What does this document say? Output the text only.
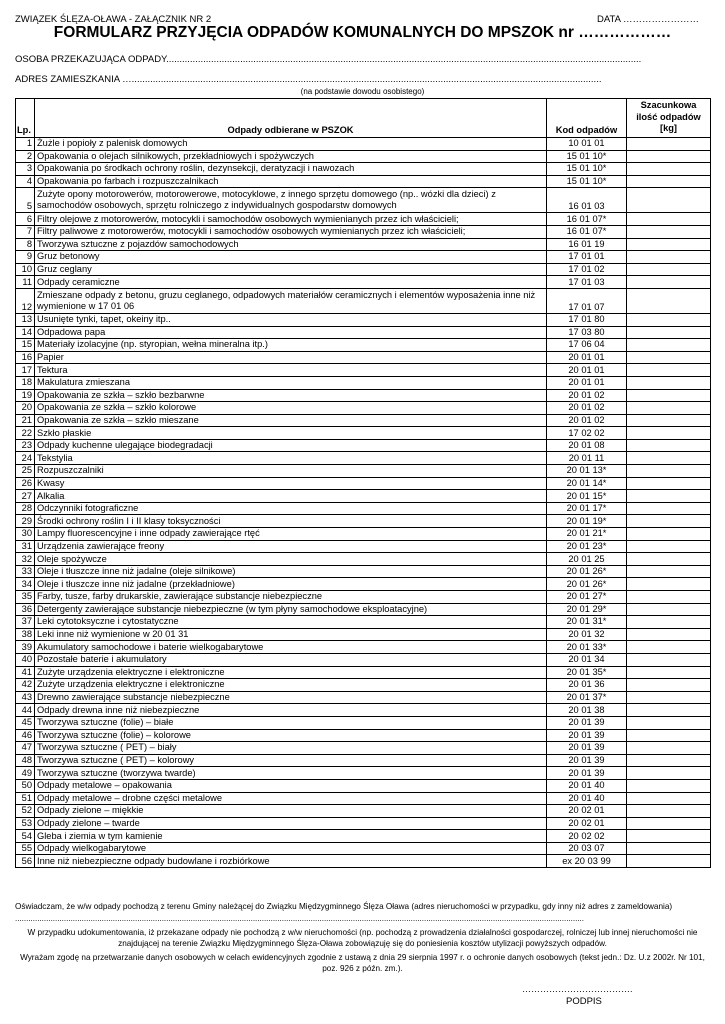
ZWIĄZEK ŚLĘZA-OŁAWA - ZAŁĄCZNIK NR 2	DATA ……………………
FORMULARZ PRZYJĘCIA ODPADÓW KOMUNALNYCH DO MPSZOK nr ………………
OSOBA PRZEKAZUJĄCA ODPADY....................................................................................................................................................................................
ADRES ZAMIESZKANIA …..................................................................................................................................................................................
(na podstawie dowodu osobistego)
Lp.	Odpady odbierane w PSZOK	Kod odpadów	Szacunkowa ilość odpadów [kg]
1	Żużle i popioły z palenisk domowych	10 01 01	
2	Opakowania o olejach silnikowych, przekładniowych i spożywczych	15 01 10*	
3	Opakowania po środkach ochrony roślin, dezynsekcji, deratyzacji i nawozach	15 01 10*	
4	Opakowania po farbach i rozpuszczalnikach	15 01 10*	
5	Zużyte opony motorowerów, motorowerowe, motocyklowe, z innego sprzętu domowego (np.. wózki dla dzieci) z samochodów osobowych, sprzętu rolniczego z indywidualnych gospodarstw domowych	16 01 03	
6	Filtry olejowe z motorowerów, motocykli i samochodów osobowych wymienianych przez ich właścicieli;	16 01 07*	
7	Filtry paliwowe z motorowerów, motocykli i samochodów osobowych wymienianych przez ich właścicieli;	16 01 07*	
8	Tworzywa sztuczne z pojazdów samochodowych	16 01 19	
9	Gruz betonowy	17 01 01	
10	Gruz ceglany	17 01 02	
11	Odpady ceramiczne	17 01 03	
12	Zmieszane odpady z betonu, gruzu ceglanego, odpadowych materiałów ceramicznych i elementów wyposażenia inne niż wymienione w 17 01 06	17 01 07	
13	Usunięte tynki, tapet, okeiny itp..	17 01 80	
14	Odpadowa papa	17 03 80	
15	Materiały izolacyjne (np. styropian, wełna mineralna itp.)	17 06 04	
16	Papier	20 01 01	
17	Tektura	20 01 01	
18	Makulatura zmieszana	20 01 01	
19	Opakowania ze szkła – szkło bezbarwne	20 01 02	
20	Opakowania ze szkła – szkło kolorowe	20 01 02	
21	Opakowania ze szkła – szkło mieszane	20 01 02	
22	Szkło płaskie	17 02 02	
23	Odpady kuchenne ulegające biodegradacji	20 01 08	
24	Tekstylia	20 01 11	
25	Rozpuszczalniki	20 01 13*	
26	Kwasy	20 01 14*	
27	Alkalia	20 01 15*	
28	Odczynniki fotograficzne	20 01 17*	
29	Środki ochrony roślin I i II klasy toksyczności	20 01 19*	
30	Lampy fluorescencyjne i inne odpady zawierające rtęć	20 01 21*	
31	Urządzenia zawierające freony	20 01 23*	
32	Oleje spożywcze	20 01 25	
33	Oleje i tłuszcze inne niż jadalne (oleje silnikowe)	20 01 26*	
34	Oleje i tłuszcze inne niż jadalne (przekładniowe)	20 01 26*	
35	Farby, tusze, farby drukarskie, zawierające substancje niebezpieczne	20 01 27*	
36	Detergenty zawierające substancje niebezpieczne (w tym płyny samochodowe eksploatacyjne)	20 01 29*	
37	Leki cytotoksyczne i cytostatyczne	20 01 31*	
38	Leki inne niż wymienione w 20 01 31	20 01 32	
39	Akumulatory samochodowe i baterie wielkogabarytowe	20 01 33*	
40	Pozostałe baterie i akumulatory	20 01 34	
41	Zużyte urządzenia elektryczne i elektroniczne	20 01 35*	
42	Zużyte urządzenia elektryczne i elektroniczne	20 01 36	
43	Drewno zawierające substancje niebezpieczne	20 01 37*	
44	Odpady drewna inne niż niebezpieczne	20 01 38	
45	Tworzywa sztuczne (folie) – białe	20 01 39	
46	Tworzywa sztuczne (folie) – kolorowe	20 01 39	
47	Tworzywa sztuczne ( PET) – biały	20 01 39	
48	Tworzywa sztuczne ( PET) – kolorowy	20 01 39	
49	Tworzywa sztuczne (tworzywa twarde)	20 01 39	
50	Odpady metalowe – opakowania	20 01 40	
51	Odpady metalowe – drobne części metalowe	20 01 40	
52	Odpady zielone – miękkie	20 02 01	
53	Odpady zielone – twarde	20 02 01	
54	Gleba i ziemia w tym kamienie	20 02 02	
55	Odpady wielkogabarytowe	20 03 07	
56	Inne niż niebezpieczne odpady budowlane i rozbiórkowe	ex 20 03 99	
Oświadczam, że w/w odpady pochodzą z terenu Gminy należącej do Związku Międzygminnego Ślęza Oława (adres nieruchomości w przypadku, gdy inny niż adres z zameldowania)
................................................................................................................................................................................................................................................................
W przypadku udokumentowania, iż przekazane odpady nie pochodzą z w/w nieruchomości (np. pochodzą z prowadzenia działalności gospodarczej, rolniczej lub innej nieruchomości nie znajdującej na terenie Związku Międzygminnego Ślęza-Oława zobowiązuję się do poniesienia kosztów utylizacji powyższych odpadów.
Wyrażam zgodę na przetwarzanie danych osobowych w celach ewidencyjnych zgodnie z ustawą z dnia 29 sierpnia 1997 r. o ochronie danych osobowych (tekst jedn.: Dz. U.z 2002r. Nr 101, poz. 926 z późn. zm.).
……………………………….
PODPIS
